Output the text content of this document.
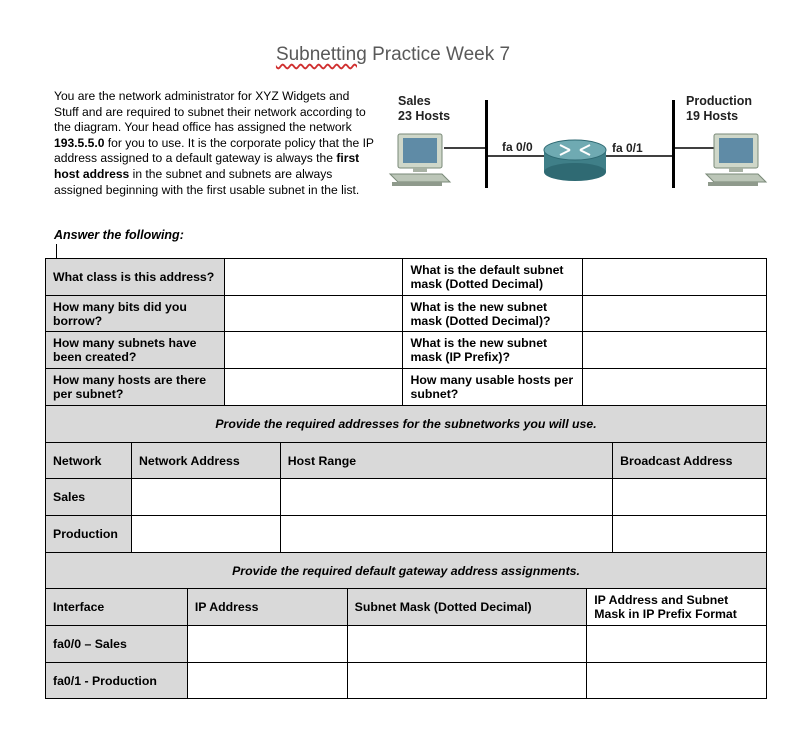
Subnetting Practice Week 7
You are the network administrator for XYZ Widgets and Stuff and are required to subnet their network according to the diagram. Your head office has assigned the network 193.5.5.0 for you to use. It is the corporate policy that the IP address assigned to a default gateway is always the first host address in the subnet and subnets are always assigned beginning with the first usable subnet in the list.
Sales
23 Hosts
Production
19 Hosts
fa 0/0	fa 0/1
Answer the following:
What class is this address?		What is the default subnet mask (Dotted Decimal)	
How many bits did you borrow?		What is the new subnet mask (Dotted Decimal)?	
How many subnets have been created?		What is the new subnet mask (IP Prefix)?	
How many hosts are there per subnet?		How many usable hosts per subnet?	
Provide the required addresses for the subnetworks you will use.			
Network	Network Address	Host Range	Broadcast Address
Sales			
Production			
Provide the required default gateway address assignments.			
Interface	IP Address	Subnet Mask (Dotted Decimal)	IP Address and Subnet Mask in IP Prefix Format
fa0/0 – Sales			
fa0/1 - Production			
